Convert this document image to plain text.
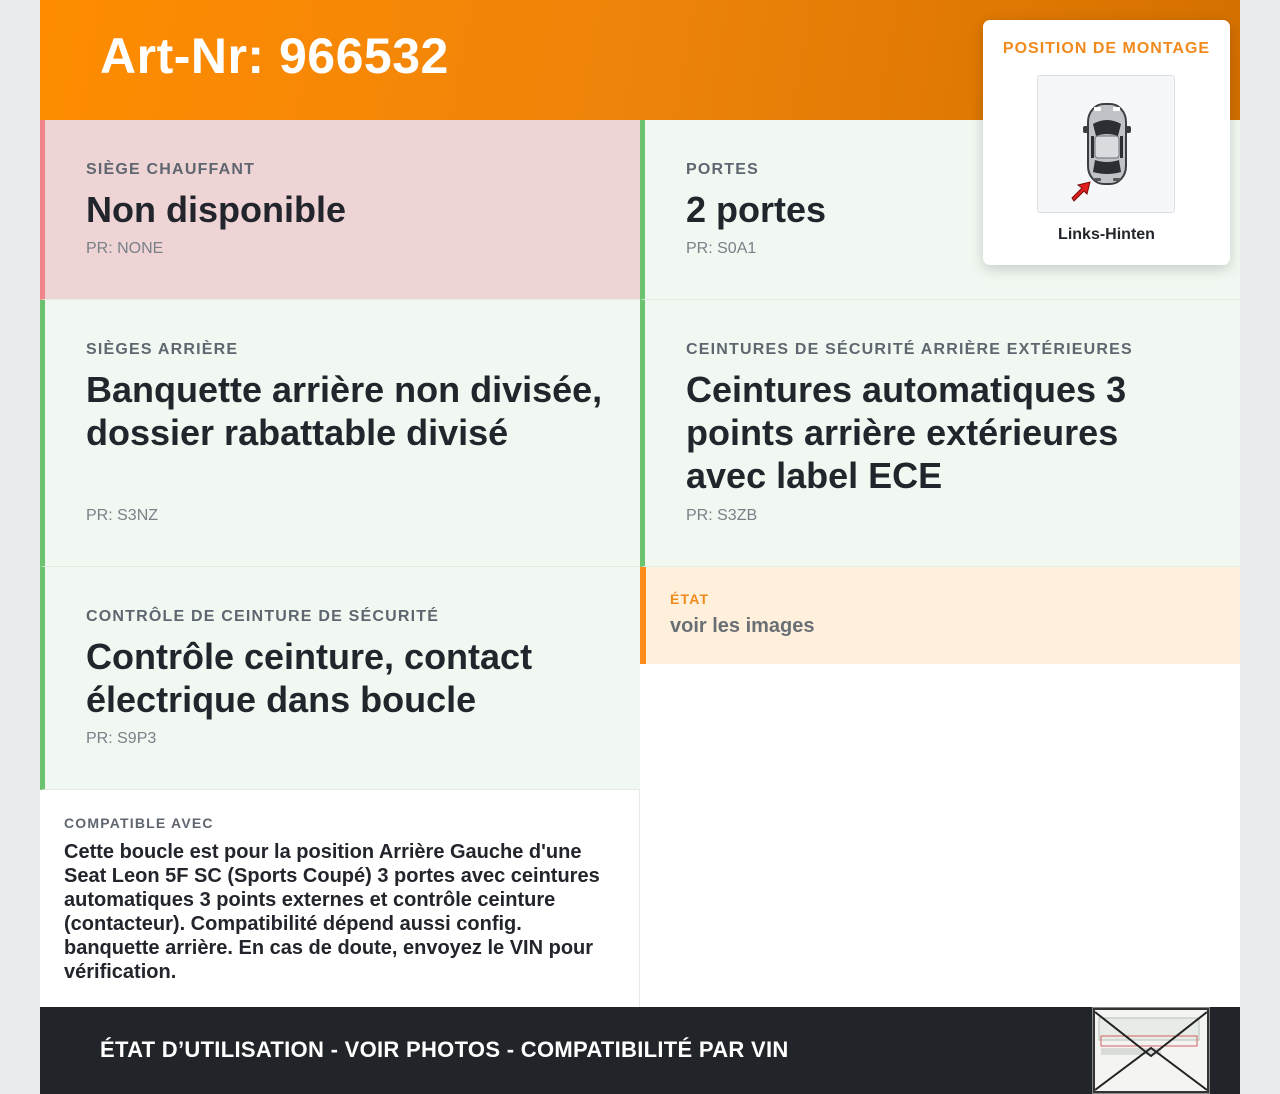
Art-Nr: 966532
SIÈGE CHAUFFANT
Non disponible
PR: NONE
PORTES
2 portes
PR: S0A1
SIÈGES ARRIÈRE
Banquette arrière non divisée, dossier rabattable divisé
PR: S3NZ
CEINTURES DE SÉCURITÉ ARRIÈRE EXTÉRIEURES
Ceintures automatiques 3 points arrière extérieures avec label ECE
PR: S3ZB
CONTRÔLE DE CEINTURE DE SÉCURITÉ
Contrôle ceinture, contact électrique dans boucle
PR: S9P3
ÉTAT
voir les images
COMPATIBLE AVEC
Cette boucle est pour la position Arrière Gauche d'une Seat Leon 5F SC (Sports Coupé) 3 portes avec ceintures automatiques 3 points externes et contrôle ceinture (contacteur). Compatibilité dépend aussi config. banquette arrière. En cas de doute, envoyez le VIN pour vérification.
POSITION DE MONTAGE
Links-Hinten
ÉTAT D’UTILISATION - VOIR PHOTOS - COMPATIBILITÉ PAR VIN
